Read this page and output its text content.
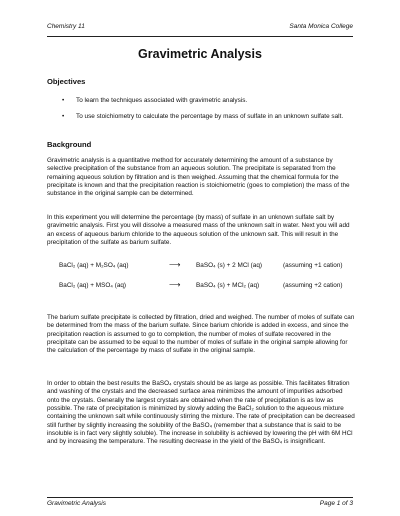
Chemistry 11	Santa Monica College
Gravimetric Analysis
Objectives
• To learn the techniques associated with gravimetric analysis.
• To use stoichiometry to calculate the percentage by mass of sulfate in an unknown sulfate salt.
Background
Gravimetric analysis is a quantitative method for accurately determining the amount of a substance by selective precipitation of the substance from an aqueous solution. The precipitate is separated from the remaining aqueous solution by filtration and is then weighed. Assuming that the chemical formula for the precipitate is known and that the precipitation reaction is stoichiometric (goes to completion) the mass of the substance in the original sample can be determined.
In this experiment you will determine the percentage (by mass) of sulfate in an unknown sulfate salt by gravimetric analysis. First you will dissolve a measured mass of the unknown salt in water. Next you will add an excess of aqueous barium chloride to the aqueous solution of the unknown salt. This will result in the precipitation of the sulfate as barium sulfate.
BaCl₂ (aq) + M₂SO₄ (aq)	⟶ BaSO₄ (s) + 2 MCl (aq)	(assuming +1 cation)
BaCl₂ (aq) + MSO₄ (aq)	⟶ BaSO₄ (s) + MCl₂ (aq)	(assuming +2 cation)
The barium sulfate precipitate is collected by filtration, dried and weighed. The number of moles of sulfate can be determined from the mass of the barium sulfate. Since barium chloride is added in excess, and since the precipitation reaction is assumed to go to completion, the number of moles of sulfate recovered in the precipitate can be assumed to be equal to the number of moles of sulfate in the original sample allowing for the calculation of the percentage by mass of sulfate in the original sample.
In order to obtain the best results the BaSO₄ crystals should be as large as possible. This facilitates filtration and washing of the crystals and the decreased surface area minimizes the amount of impurities adsorbed onto the crystals. Generally the largest crystals are obtained when the rate of precipitation is as low as possible. The rate of precipitation is minimized by slowly adding the BaCl₂ solution to the aqueous mixture containing the unknown salt while continuously stirring the mixture. The rate of precipitation can be decreased still further by slightly increasing the solubility of the BaSO₄ (remember that a substance that is said to be insoluble is in fact very slightly soluble). The increase in solubility is achieved by lowering the pH with 6M HCl and by increasing the temperature. The resulting decrease in the yield of the BaSO₄ is insignificant.
Gravimetric Analysis	Page 1 of 3
